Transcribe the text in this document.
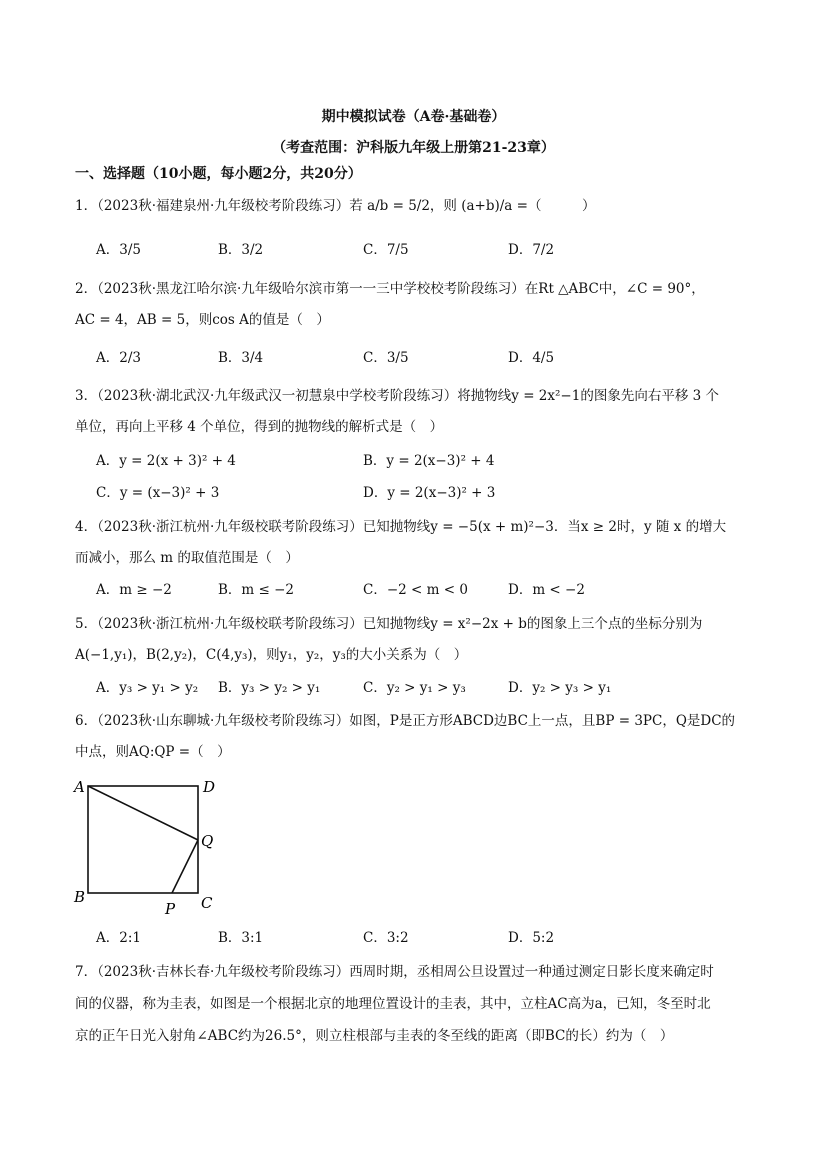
期中模拟试卷（A卷·基础卷）
（考查范围：沪科版九年级上册第21-23章）
一、选择题（10小题，每小题2分，共20分）
1．（2023秋·福建泉州·九年级校考阶段练习）若 a/b = 5/2，则 (a+b)/a =（　　　）
A．3/5	B．3/2	C．7/5	D．7/2
2．（2023秋·黑龙江哈尔滨·九年级哈尔滨市第一一三中学校校考阶段练习）在Rt △ABC中，∠C = 90°，
AC = 4，AB = 5，则cos A的值是（　）
A．2/3	B．3/4	C．3/5	D．4/5
3．（2023秋·湖北武汉·九年级武汉一初慧泉中学校考阶段练习）将抛物线y = 2x²−1的图象先向右平移 3 个
单位，再向上平移 4 个单位，得到的抛物线的解析式是（　）
A．y = 2(x + 3)² + 4	B．y = 2(x−3)² + 4
C．y = (x−3)² + 3	D．y = 2(x−3)² + 3
4．（2023秋·浙江杭州·九年级校联考阶段练习）已知抛物线y = −5(x + m)²−3．当x ≥ 2时，y 随 x 的增大
而减小，那么 m 的取值范围是（　）
A．m ≥ −2	B．m ≤ −2	C．−2 < m < 0	D．m < −2
5．（2023秋·浙江杭州·九年级校联考阶段练习）已知抛物线y = x²−2x + b的图象上三个点的坐标分别为
A(−1,y₁)，B(2,y₂)，C(4,y₃)，则y₁，y₂，y₃的大小关系为（　）
A．y₃ > y₁ > y₂ B．y₃ > y₂ > y₁	C．y₂ > y₁ > y₃	D．y₂ > y₃ > y₁
6．（2023秋·山东聊城·九年级校考阶段练习）如图，P是正方形ABCD边BC上一点，且BP = 3PC，Q是DC的
中点，则AQ:QP =（　）
A	D
Q
B
P C
A．2:1	B．3:1	C．3:2	D．5:2
7．（2023秋·吉林长春·九年级校考阶段练习）西周时期，丞相周公旦设置过一种通过测定日影长度来确定时
间的仪器，称为圭表，如图是一个根据北京的地理位置设计的圭表，其中，立柱AC高为a，已知，冬至时北
京的正午日光入射角∠ABC约为26.5°，则立柱根部与圭表的冬至线的距离（即BC的长）约为（　）
